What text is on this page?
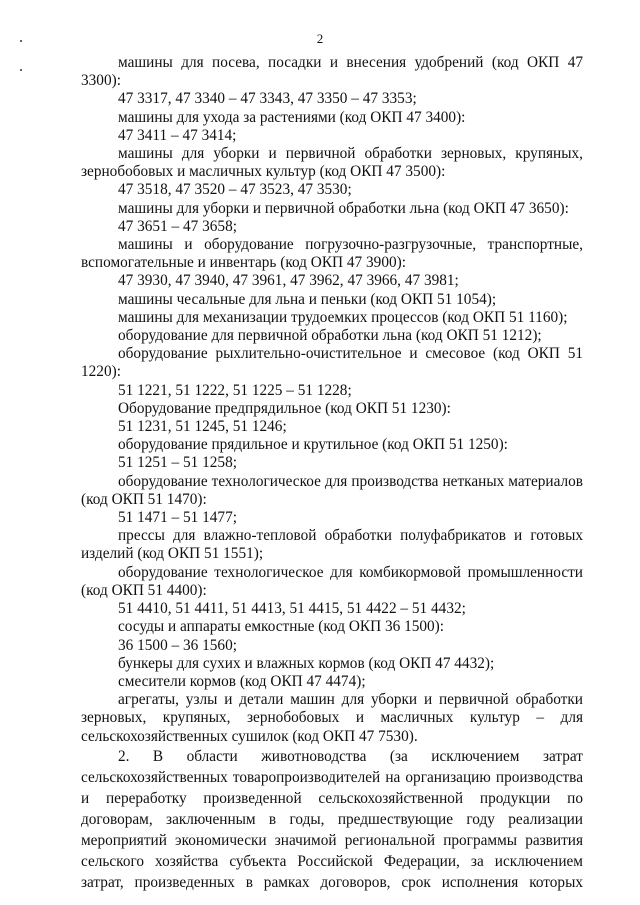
2

машины для посева, посадки и внесения удобрений (код ОКП 47 3300):

47 3317, 47 3340 – 47 3343, 47 3350 – 47 3353;

машины для ухода за растениями (код ОКП 47 3400):

47 3411 – 47 3414;

машины для уборки и первичной обработки зерновых, крупяных, зернобобовых и масличных культур (код ОКП 47 3500):

47 3518, 47 3520 – 47 3523, 47 3530;

машины для уборки и первичной обработки льна (код ОКП 47 3650):

47 3651 – 47 3658;

машины и оборудование погрузочно-разгрузочные, транспортные, вспомогательные и инвентарь (код ОКП 47 3900):

47 3930, 47 3940, 47 3961, 47 3962, 47 3966, 47 3981;

машины чесальные для льна и пеньки (код ОКП 51 1054);

машины для механизации трудоемких процессов (код ОКП 51 1160);

оборудование для первичной обработки льна (код ОКП 51 1212);

оборудование рыхлительно-очистительное и смесовое (код ОКП 51 1220):

51 1221, 51 1222, 51 1225 – 51 1228;

Оборудование предпрядильное (код ОКП 51 1230):

51 1231, 51 1245, 51 1246;

оборудование прядильное и крутильное (код ОКП 51 1250):

51 1251 – 51 1258;

оборудование технологическое для производства нетканых материалов (код ОКП 51 1470):

51 1471 – 51 1477;

прессы для влажно-тепловой обработки полуфабрикатов и готовых изделий (код ОКП 51 1551);

оборудование технологическое для комбикормовой промышленности (код ОКП 51 4400):

51 4410, 51 4411, 51 4413, 51 4415, 51 4422 – 51 4432;

сосуды и аппараты емкостные (код ОКП 36 1500):

36 1500 – 36 1560;

бункеры для сухих и влажных кормов (код ОКП 47 4432);

смесители кормов (код ОКП 47 4474);

агрегаты, узлы и детали машин для уборки и первичной обработки зерновых, крупяных, зернобобовых и масличных культур – для сельскохозяйственных сушилок (код ОКП 47 7530).

2. В области животноводства (за исключением затрат сельскохозяйственных товаропроизводителей на организацию производства и переработку произведенной сельскохозяйственной продукции по договорам, заключенным в годы, предшествующие году реализации мероприятий экономически значимой региональной программы развития сельского хозяйства субъекта Российской Федерации, за исключением затрат, произведенных в рамках договоров, срок исполнения которых
